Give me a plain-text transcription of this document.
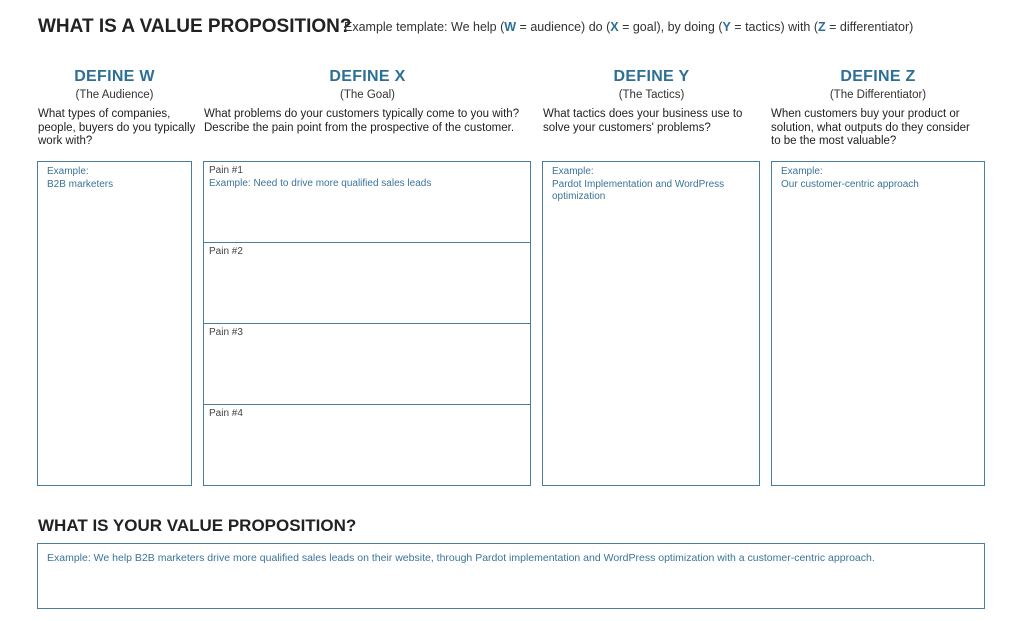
WHAT IS A VALUE PROPOSITION?
Example template: We help (W = audience) do (X = goal), by doing (Y = tactics) with (Z = differentiator)
DEFINE W
(The Audience)
What types of companies, people, buyers do you typically work with?
Example:
B2B marketers
DEFINE X
(The Goal)
What problems do your customers typically come to you with? Describe the pain point from the prospective of the customer.
Pain #1
Example: Need to drive more qualified sales leads
Pain #2
Pain #3
Pain #4
DEFINE Y
(The Tactics)
What tactics does your business use to solve your customers' problems?
Example:
Pardot Implementation and WordPress optimization
DEFINE Z
(The Differentiator)
When customers buy your product or solution, what outputs do they consider to be the most valuable?
Example:
Our customer-centric approach
WHAT IS YOUR VALUE PROPOSITION?
Example: We help B2B marketers drive more qualified sales leads on their website, through Pardot implementation and WordPress optimization with a customer-centric approach.
